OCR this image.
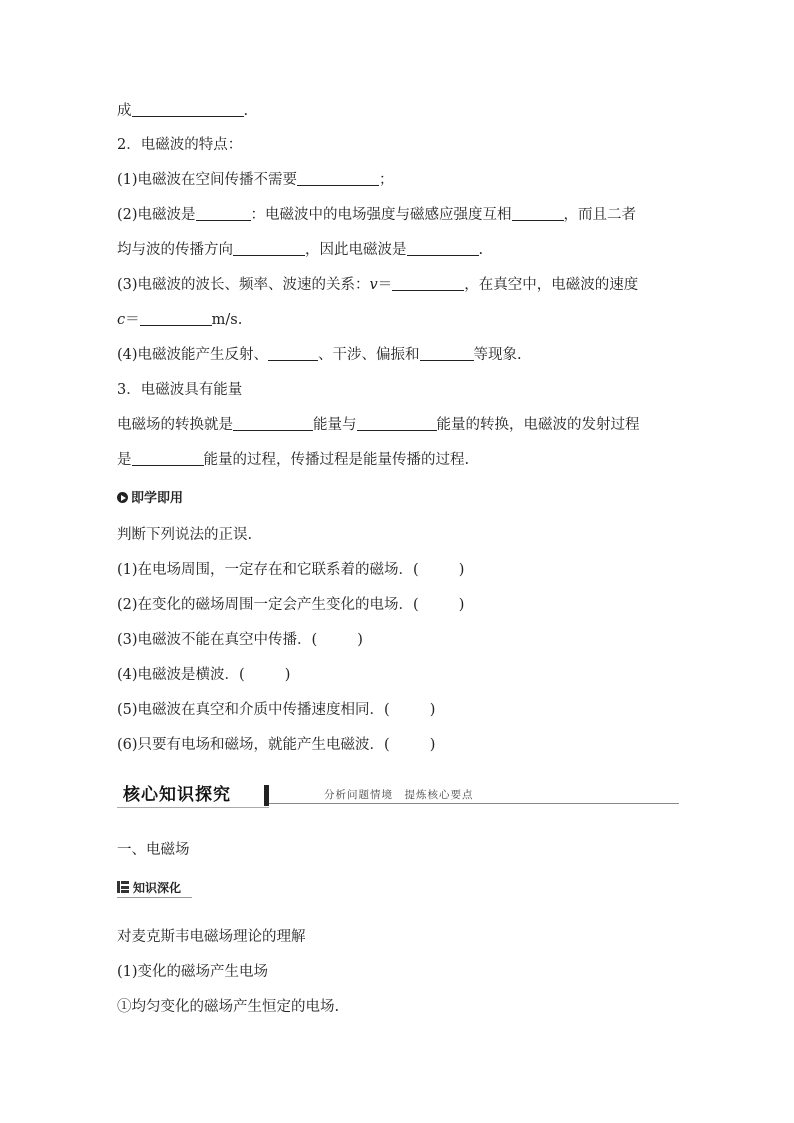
成	.
2．电磁波的特点：
(1)电磁波在空间传播不需要	；
(2)电磁波是	：电磁波中的电场强度与磁感应强度互相	，而且二者
均与波的传播方向	，因此电磁波是	.
(3)电磁波的波长、频率、波速的关系：v＝	，在真空中，电磁波的速度
c＝	m/s.
(4)电磁波能产生反射、	、干涉、偏振和	等现象.
3．电磁波具有能量
电磁场的转换就是	能量与	能量的转换，电磁波的发射过程
是	能量的过程，传播过程是能量传播的过程.
即学即用
判断下列说法的正误.
(1)在电场周围，一定存在和它联系着的磁场．(	)
(2)在变化的磁场周围一定会产生变化的电场．(	)
(3)电磁波不能在真空中传播．(	)
(4)电磁波是横波．(	)
(5)电磁波在真空和介质中传播速度相同．(	)
(6)只要有电场和磁场，就能产生电磁波．(	)
核心知识探究	分析问题情境　提炼核心要点
一、电磁场
知识深化
对麦克斯韦电磁场理论的理解
(1)变化的磁场产生电场
①均匀变化的磁场产生恒定的电场.
